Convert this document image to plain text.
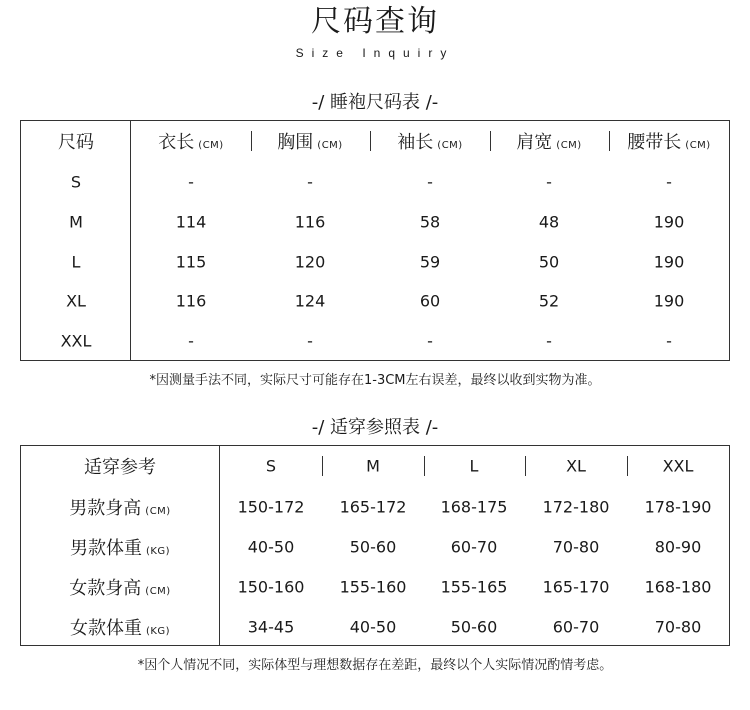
尺码查询
Size Inquiry
-/ 睡袍尺码表 /-
尺码	衣长 (CM)	胸围 (CM)	袖长 (CM)	肩宽 (CM)	腰带长 (CM)
S	-	-	-	-	-
M	114	116	58	48	190
L	115	120	59	50	190
XL	116	124	60	52	190
XXL	-	-	-	-	-
*因测量手法不同，实际尺寸可能存在1-3CM左右误差，最终以收到实物为准。
-/ 适穿参照表 /-
适穿参考	S	M	L	XL	XXL
男款身高 (CM)	150-172 165-172 168-175 172-180 178-190
男款体重 (KG)	40-50	50-60	60-70	70-80	80-90
女款身高 (CM)	150-160 155-160 155-165 165-170 168-180
女款体重 (KG)	34-45	40-50	50-60	60-70	70-80
*因个人情况不同，实际体型与理想数据存在差距，最终以个人实际情况酌情考虑。
